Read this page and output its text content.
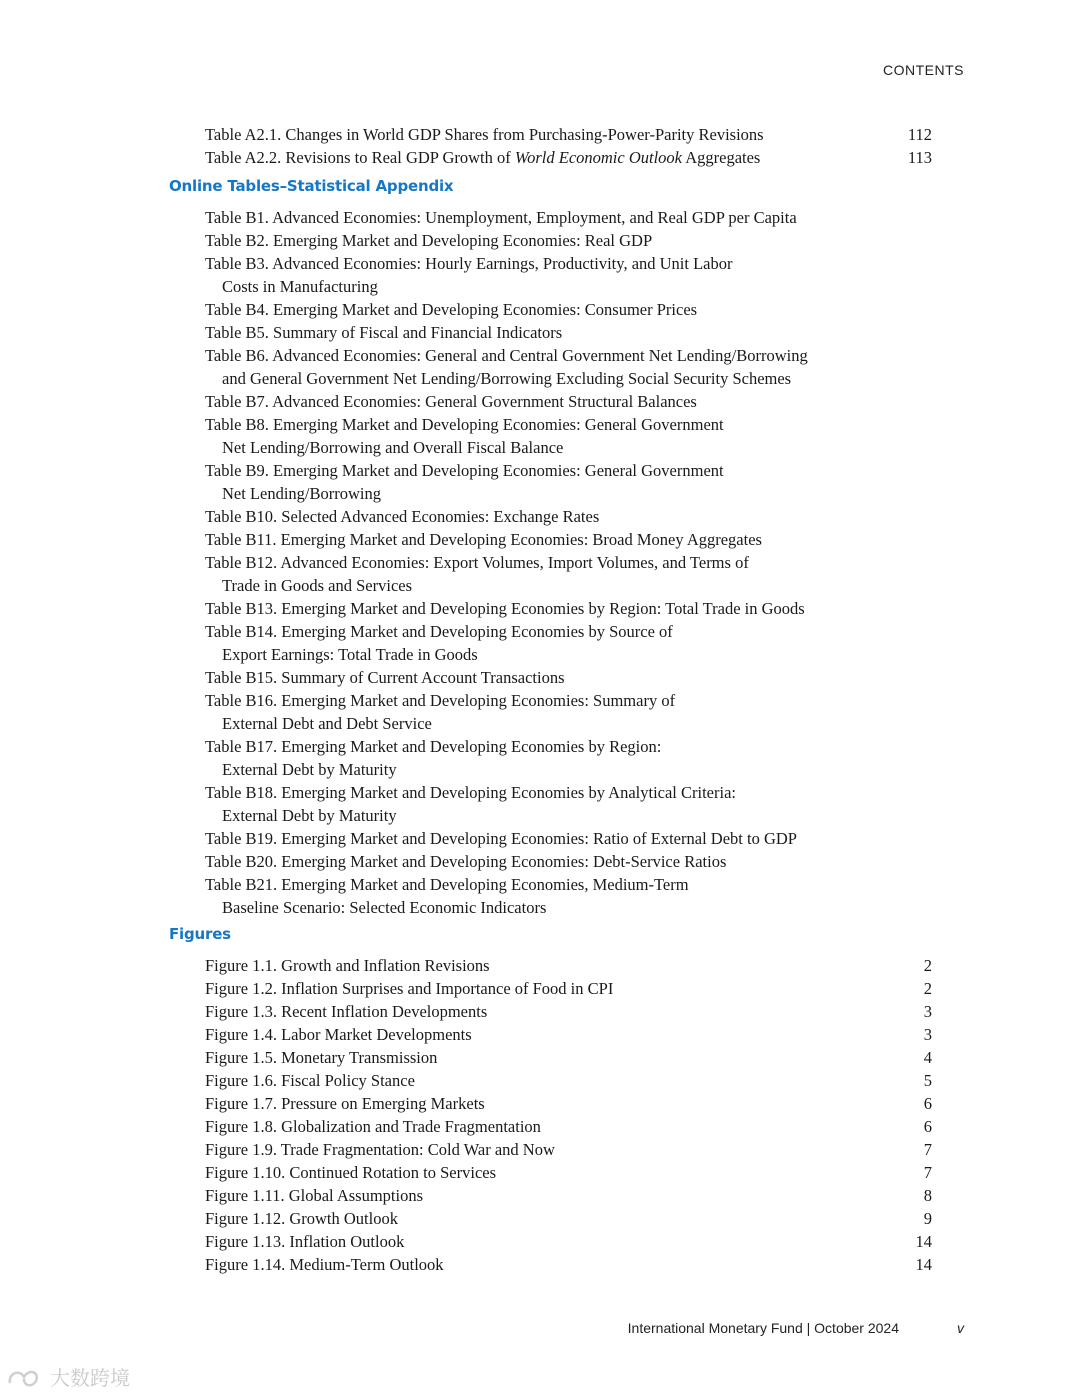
CONTENTS
Table A2.1. Changes in World GDP Shares from Purchasing-Power-Parity Revisions	112
Table A2.2. Revisions to Real GDP Growth of World Economic Outlook Aggregates	113
Online Tables–Statistical Appendix
Table B1. Advanced Economies: Unemployment, Employment, and Real GDP per Capita
Table B2. Emerging Market and Developing Economies: Real GDP
Table B3. Advanced Economies: Hourly Earnings, Productivity, and Unit Labor
Costs in Manufacturing
Table B4. Emerging Market and Developing Economies: Consumer Prices
Table B5. Summary of Fiscal and Financial Indicators
Table B6. Advanced Economies: General and Central Government Net Lending/Borrowing
and General Government Net Lending/Borrowing Excluding Social Security Schemes
Table B7. Advanced Economies: General Government Structural Balances
Table B8. Emerging Market and Developing Economies: General Government
Net Lending/Borrowing and Overall Fiscal Balance
Table B9. Emerging Market and Developing Economies: General Government
Net Lending/Borrowing
Table B10. Selected Advanced Economies: Exchange Rates
Table B11. Emerging Market and Developing Economies: Broad Money Aggregates
Table B12. Advanced Economies: Export Volumes, Import Volumes, and Terms of
Trade in Goods and Services
Table B13. Emerging Market and Developing Economies by Region: Total Trade in Goods
Table B14. Emerging Market and Developing Economies by Source of
Export Earnings: Total Trade in Goods
Table B15. Summary of Current Account Transactions
Table B16. Emerging Market and Developing Economies: Summary of
External Debt and Debt Service
Table B17. Emerging Market and Developing Economies by Region:
External Debt by Maturity
Table B18. Emerging Market and Developing Economies by Analytical Criteria:
External Debt by Maturity
Table B19. Emerging Market and Developing Economies: Ratio of External Debt to GDP
Table B20. Emerging Market and Developing Economies: Debt-Service Ratios
Table B21. Emerging Market and Developing Economies, Medium-Term
Baseline Scenario: Selected Economic Indicators
Figures
Figure 1.1. Growth and Inflation Revisions	2
Figure 1.2. Inflation Surprises and Importance of Food in CPI	2
Figure 1.3. Recent Inflation Developments	3
Figure 1.4. Labor Market Developments	3
Figure 1.5. Monetary Transmission	4
Figure 1.6. Fiscal Policy Stance	5
Figure 1.7. Pressure on Emerging Markets	6
Figure 1.8. Globalization and Trade Fragmentation	6
Figure 1.9. Trade Fragmentation: Cold War and Now	7
Figure 1.10. Continued Rotation to Services	7
Figure 1.11. Global Assumptions	8
Figure 1.12. Growth Outlook	9
Figure 1.13. Inflation Outlook	14
Figure 1.14. Medium-Term Outlook	14
International Monetary Fund | October 2024	v
大数跨境
